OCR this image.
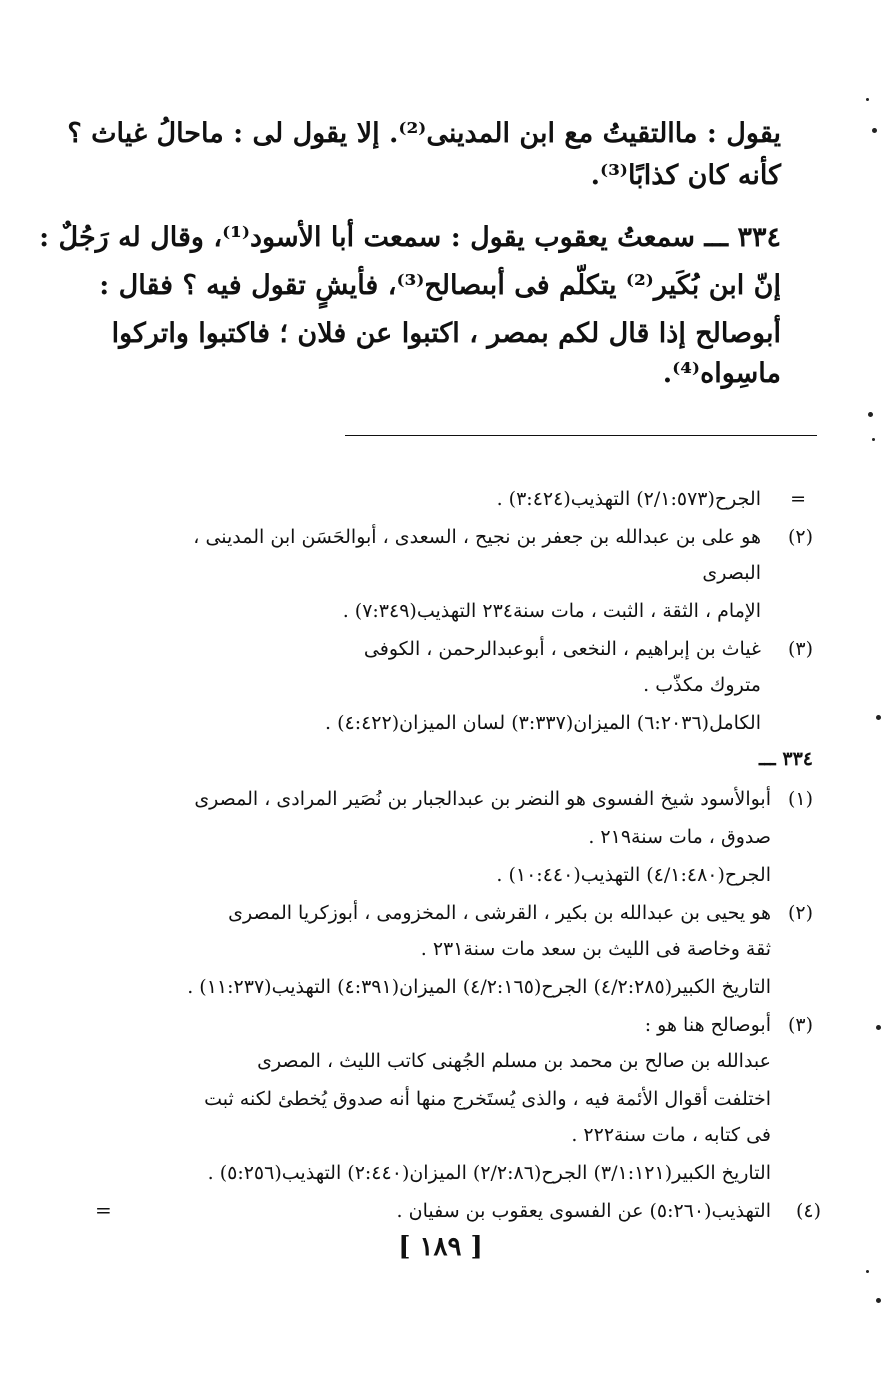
يقول : ماالتقيتُ مع ابن المدينى⁽²⁾. إلا يقول لى : ماحالُ غياث ؟
كأنه كان كذابًا⁽³⁾.
٣٣٤ ـــ سمعتُ يعقوب يقول : سمعت أبا الأسود⁽¹⁾، وقال له رَجُلٌ :
إنّ ابن بُكَير⁽²⁾ يتكلّم فى أبىصالح⁽³⁾، فأيشٍ تقول فيه ؟ فقال :
أبوصالح إذا قال لكم بمصر ، اكتبوا عن فلان ؛ فاكتبوا واتركوا
ماسِواه⁽⁴⁾.
=
الجرح(٢/١:٥٧٣) التهذيب(٣:٤٢٤) .
(٢)
هو على بن عبدالله بن جعفر بن نجيح ، السعدى ، أبوالحَسَن ابن المدينى ،
البصرى
الإمام ، الثقة ، الثبت ، مات سنة٢٣٤ التهذيب(٧:٣٤٩) .
(٣)
غياث بن إبراهيم ، النخعى ، أبوعبدالرحمن ، الكوفى
متروك مكذّب .
الكامل(٦:٢٠٣٦) الميزان(٣:٣٣٧) لسان الميزان(٤:٤٢٢) .
٣٣٤ ـــ
(١)
أبوالأسود شيخ الفسوى هو النضر بن عبدالجبار بن نُصَير المرادى ، المصرى
صدوق ، مات سنة٢١٩ .
الجرح(٤/١:٤٨٠) التهذيب(١٠:٤٤٠) .
(٢)
هو يحيى بن عبدالله بن بكير ، القرشى ، المخزومى ، أبوزكريا المصرى
ثقة وخاصة فى الليث بن سعد مات سنة٢٣١ .
التاريخ الكبير(٤/٢:٢٨٥) الجرح(٤/٢:١٦٥) الميزان(٤:٣٩١) التهذيب(١١:٢٣٧) .
(٣)
أبوصالح هنا هو :
عبدالله بن صالح بن محمد بن مسلم الجُهنى كاتب الليث ، المصرى
اختلفت أقوال الأئمة فيه ، والذى يُستَخرج منها أنه صدوق يُخطئ لكنه ثبت
فى كتابه ، مات سنة٢٢٢ .
التاريخ الكبير(٣/١:١٢١) الجرح(٢/٢:٨٦) الميزان(٢:٤٤٠) التهذيب(٥:٢٥٦) .
(٤)
التهذيب(٥:٢٦٠) عن الفسوى يعقوب بن سفيان .
=
[ ١٨٩ ]
